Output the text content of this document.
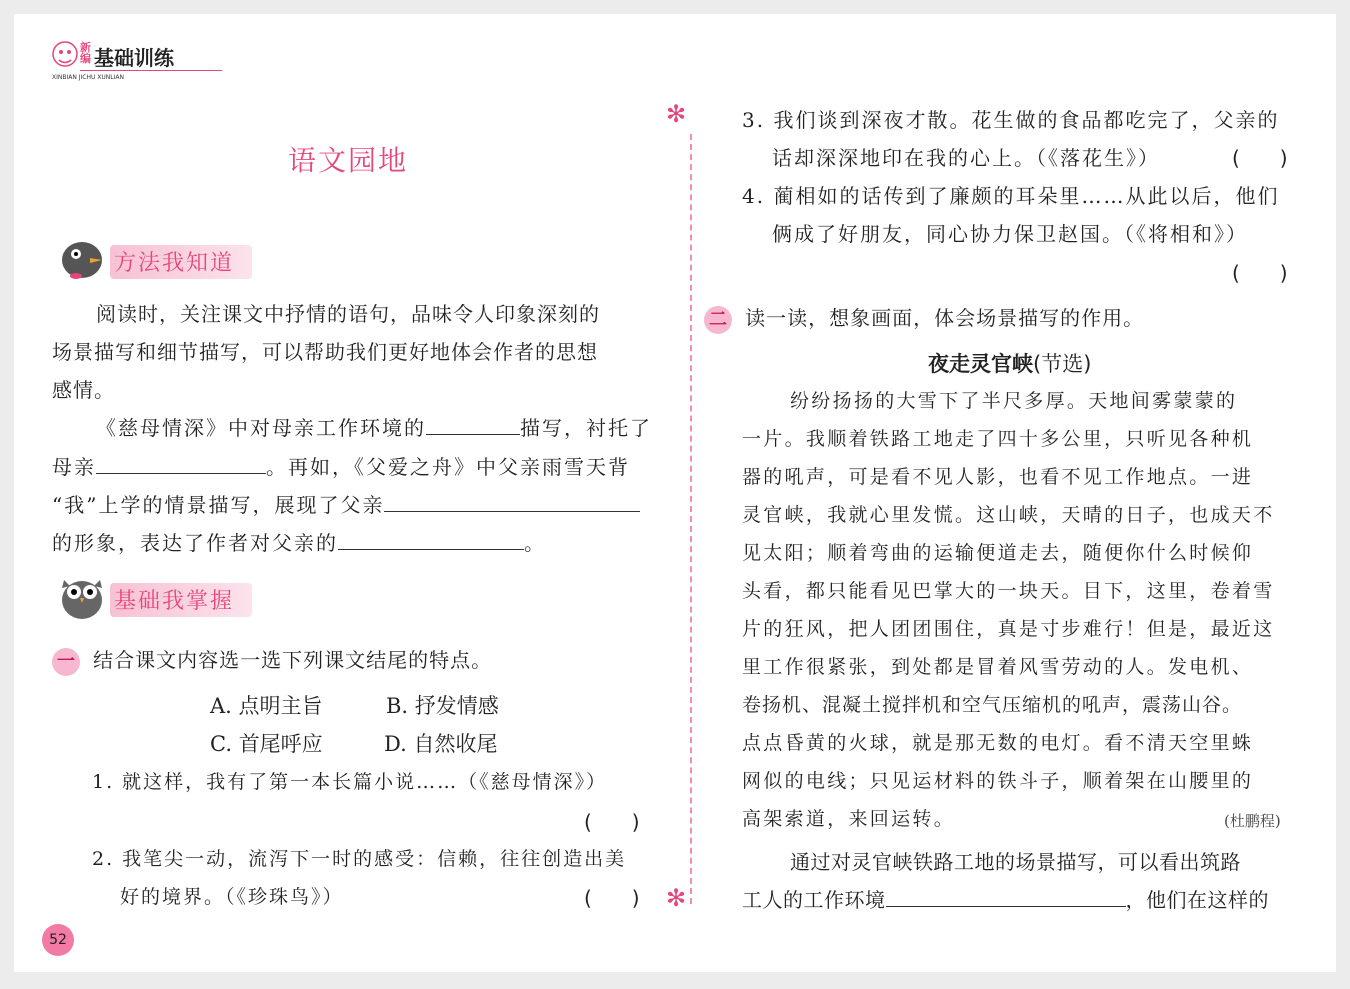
新编 基础训练
XINBIAN JICHU XUNLIAN
语文园地
方法我知道
阅读时，关注课文中抒情的语句，品味令人印象深刻的
场景描写和细节描写，可以帮助我们更好地体会作者的思想
感情。
《慈母情深》中对母亲工作环境的	描写，衬托了
母亲	。再如，《父爱之舟》中父亲雨雪天背
“我”上学的情景描写，展现了父亲
的形象，表达了作者对父亲的	。
基础我掌握
一 结合课文内容选一选下列课文结尾的特点。
A. 点明主旨	B. 抒发情感
C. 首尾呼应	D. 自然收尾
1. 就这样，我有了第一本长篇小说……（《慈母情深》）
(　　)
2. 我笔尖一动，流泻下一时的感受：信赖，往往创造出美
好的境界。（《珍珠鸟》）	(　　)
52
✻
✻
3. 我们谈到深夜才散。花生做的食品都吃完了，父亲的
话却深深地印在我的心上。（《落花生》）	(　　)
4. 蔺相如的话传到了廉颇的耳朵里……从此以后，他们
俩成了好朋友，同心协力保卫赵国。（《将相和》）
(　　)
二 读一读，想象画面，体会场景描写的作用。
夜走灵官峡(节选)
纷纷扬扬的大雪下了半尺多厚。天地间雾蒙蒙的
一片。我顺着铁路工地走了四十多公里，只听见各种机
器的吼声，可是看不见人影，也看不见工作地点。一进
灵官峡，我就心里发慌。这山峡，天晴的日子，也成天不
见太阳；顺着弯曲的运输便道走去，随便你什么时候仰
头看，都只能看见巴掌大的一块天。目下，这里，卷着雪
片的狂风，把人团团围住，真是寸步难行！但是，最近这
里工作很紧张，到处都是冒着风雪劳动的人。发电机、
卷扬机、混凝土搅拌机和空气压缩机的吼声，震荡山谷。
点点昏黄的火球，就是那无数的电灯。看不清天空里蛛
网似的电线；只见运材料的铁斗子，顺着架在山腰里的
高架索道，来回运转。	(杜鹏程)
通过对灵官峡铁路工地的场景描写，可以看出筑路
工人的工作环境	，他们在这样的
